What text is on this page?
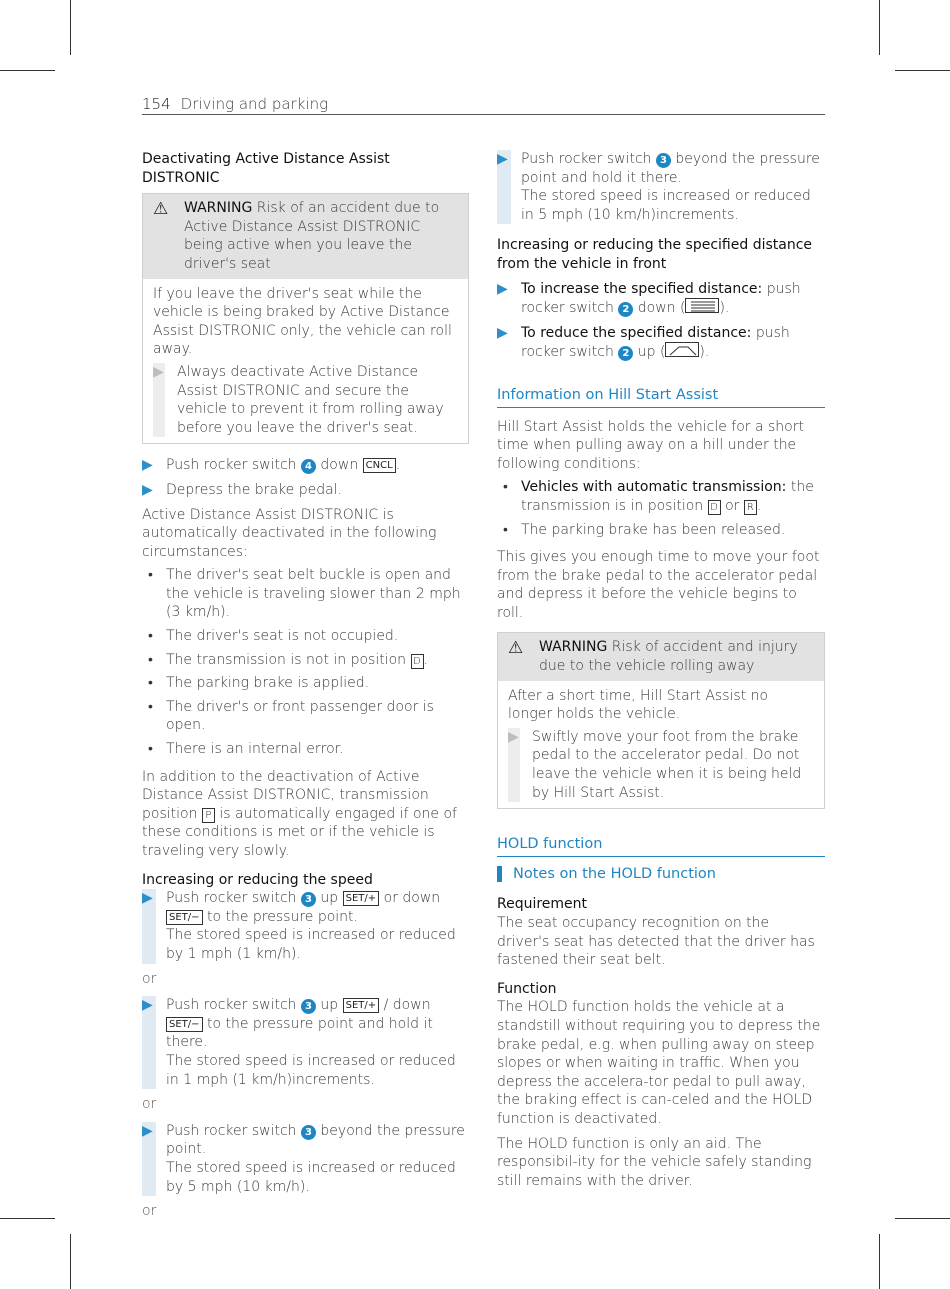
154 Driving and parking
Deactivating Active Distance Assist DISTRONIC
⚠ WARNING Risk of an accident due to Active Distance Assist DISTRONIC being active when you leave the driver's seat
If you leave the driver's seat while the vehicle is being braked by Active Distance Assist DISTRONIC only, the vehicle can roll away.
▶ Always deactivate Active Distance Assist DISTRONIC and secure the vehicle to prevent it from rolling away before you leave the driver's seat.
▶ Push rocker switch 4 down CNCL .
▶ Depress the brake pedal.
Active Distance Assist DISTRONIC is automatically deactivated in the following circumstances:
• The driver's seat belt buckle is open and the vehicle is traveling slower than 2 mph (3 km/h).
• The driver's seat is not occupied.
• The transmission is not in position D .
• The parking brake is applied.
• The driver's or front passenger door is open.
• There is an internal error.
In addition to the deactivation of Active Distance Assist DISTRONIC, transmission position P is automatically engaged if one of these conditions is met or if the vehicle is traveling very slowly.
Increasing or reducing the speed
▶ Push rocker switch 3 up SET/+ or down SET/− to the pressure point.
The stored speed is increased or reduced by 1 mph (1 km/h).
or
▶ Push rocker switch 3 up SET/+ / down SET/− to the pressure point and hold it there.
The stored speed is increased or reduced in 1 mph (1 km/h)increments.
or
▶ Push rocker switch 3 beyond the pressure point.
The stored speed is increased or reduced by 5 mph (10 km/h).
or
▶ Push rocker switch 3 beyond the pressure point and hold it there.
The stored speed is increased or reduced in 5 mph (10 km/h)increments.
Increasing or reducing the specified distance from the vehicle in front
▶ To increase the specified distance: push rocker switch 2 down ( ).
▶ To reduce the specified distance: push rocker switch 2 up ( ).
Information on Hill Start Assist
Hill Start Assist holds the vehicle for a short time when pulling away on a hill under the following conditions:
• Vehicles with automatic transmission: the transmission is in position D or R .
• The parking brake has been released.
This gives you enough time to move your foot from the brake pedal to the accelerator pedal and depress it before the vehicle begins to roll.
⚠ WARNING Risk of accident and injury due to the vehicle rolling away
After a short time, Hill Start Assist no longer holds the vehicle.
▶ Swiftly move your foot from the brake pedal to the accelerator pedal. Do not leave the vehicle when it is being held by Hill Start Assist.
HOLD function
Notes on the HOLD function
Requirement
The seat occupancy recognition on the driver's seat has detected that the driver has fastened their seat belt.
Function
The HOLD function holds the vehicle at a standstill without requiring you to depress the brake pedal, e.g. when pulling away on steep slopes or when waiting in traffic. When you depress the accelera-tor pedal to pull away, the braking effect is can-celed and the HOLD function is deactivated.
The HOLD function is only an aid. The responsibil-ity for the vehicle safely standing still remains with the driver.
